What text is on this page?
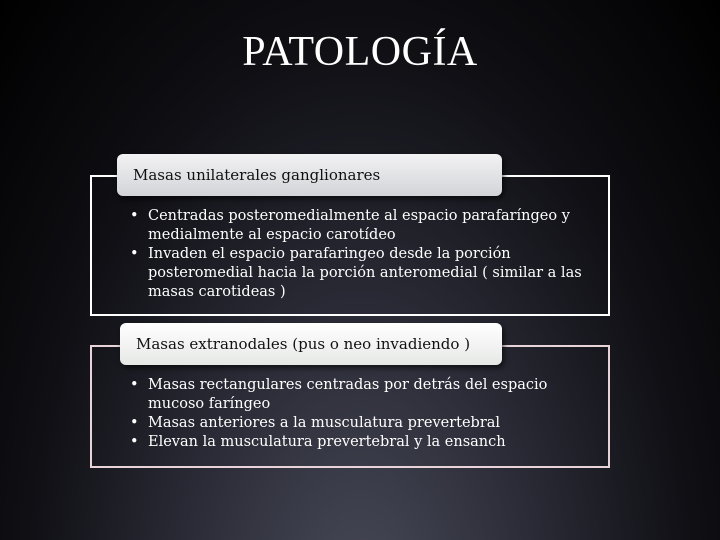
PATOLOGÍA
Masas unilaterales ganglionares
• Centradas posteromedialmente al espacio parafaríngeo y medialmente al espacio carotídeo
• Invaden el espacio parafaringeo desde la porción posteromedial hacia la porción anteromedial ( similar a las masas carotideas )
Masas extranodales (pus o neo invadiendo )
• Masas rectangulares centradas por detrás del espacio mucoso faríngeo
• Masas anteriores a la musculatura prevertebral
• Elevan la musculatura prevertebral y la ensanch
